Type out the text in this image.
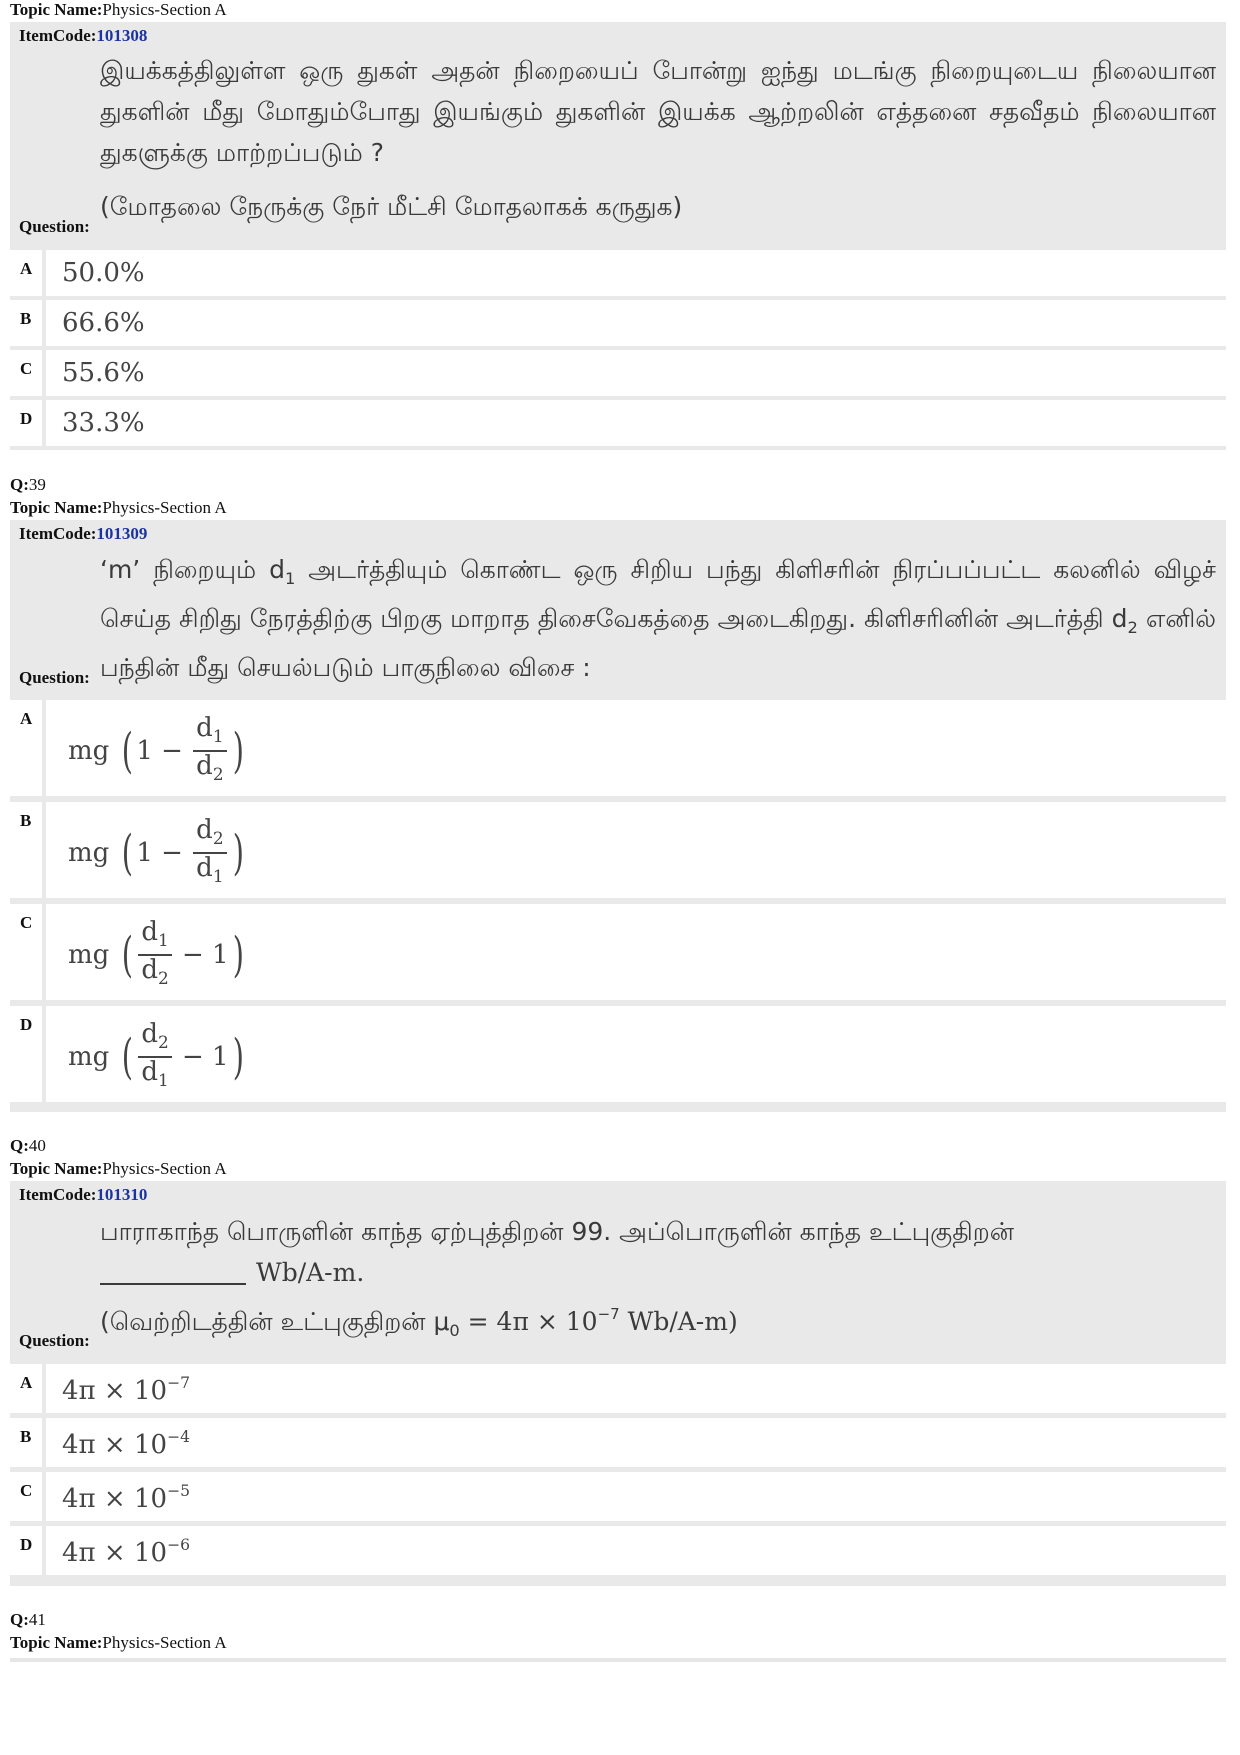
Topic Name:Physics-Section A
ItemCode:101308

இயக்கத்திலுள்ள ஒரு துகள் அதன் நிறையைப் போன்று ஐந்து மடங்கு நிறையுடைய நிலையான துகளின் மீது மோதும்போது இயங்கும் துகளின் இயக்க ஆற்றலின் எத்தனை சதவீதம் நிலையான துகளுக்கு மாற்றப்படும் ?

(மோதலை நேருக்கு நேர் மீட்சி மோதலாகக் கருதுக)
Question:
A 50.0%
B 66.6%
C 55.6%
D 33.3%
Q:39
Topic Name:Physics-Section A
ItemCode:101309

‘m’ நிறையும் $d_1$ அடர்த்தியும் கொண்ட ஒரு சிறிய பந்து கிளிசரின் நிரப்பப்பட்ட கலனில் விழச் செய்த சிறிது நேரத்திற்கு பிறகு மாறாத திசைவேகத்தை அடைகிறது. கிளிசரினின் அடர்த்தி $d_2$ எனில் பந்தின் மீது செயல்படும் பாகுநிலை விசை :

Question:
A
mg ( $1 - \frac{d_1}{d_2}$ )
B
mg ( $1 - \frac{d_2}{d_1}$ )
C
mg ( $\frac{d_1}{d_2} - 1$)
D
mg ( $\frac{d_2}{d_1} - 1$)
Q:40
Topic Name:Physics-Section A
ItemCode:101310

பாராகாந்த பொருளின் காந்த ஏற்புத்திறன் 99. அப்பொருளின் காந்த உட்புகுதிறன்
Wb/A-m.

(வெற்றிடத்தின் உட்புகுதிறன் $\mu_0 = 4\pi \times 10^{-7}$ Wb/A-m)
Question:
A $4\pi \times 10^{-7}$
B $4\pi \times 10^{-4}$
C $4\pi \times 10^{-5}$
D $4\pi \times 10^{-6}$
Q:41
Topic Name:Physics-Section A
